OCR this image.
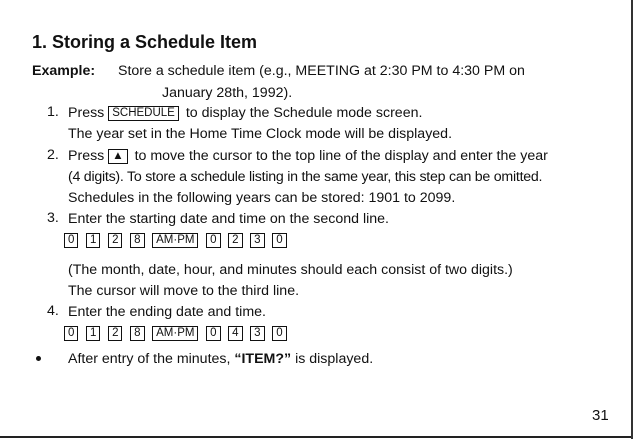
1. Storing a Schedule Item
Example: Store a schedule item (e.g., MEETING at 2:30 PM to 4:30 PM on
January 28th, 1992).
1. Press SCHEDULE to display the Schedule mode screen.
The year set in the Home Time Clock mode will be displayed.
2. Press ▲ to move the cursor to the top line of the display and enter the year
(4 digits). To store a schedule listing in the same year, this step can be omitted.
Schedules in the following years can be stored: 1901 to 2099.
3. Enter the starting date and time on the second line.
0 1 2 8 AM·PM 0 2 3 0
(The month, date, hour, and minutes should each consist of two digits.)
The cursor will move to the third line.
4. Enter the ending date and time.
0 1 2 8 AM·PM 0 4 3 0
After entry of the minutes, “ITEM?” is displayed.
31
